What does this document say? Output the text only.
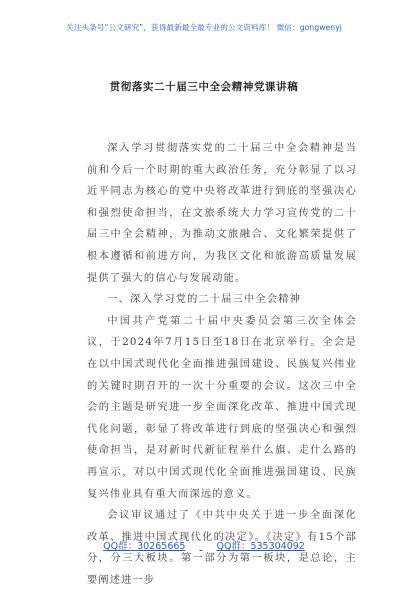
关注头条号“公文研究”，获得最新最全最专业的公文资料库！ 微信：gongwenyj
贯彻落实二十届三中全会精神党课讲稿

深入学习贯彻落实党的二十届三中全会精神是当前和今后一个时期的重大政治任务，充分彰显了以习近平同志为核心的党中央将改革进行到底的坚强决心和强烈使命担当，在文旅系统大力学习宣传党的二十届三中全会精神，为推动文旅融合、文化繁荣提供了根本遵循和前进方向，为我区文化和旅游高质量发展提供了强大的信心与发展动能。

一、深入学习党的二十届三中全会精神

中国共产党第二十届中央委员会第三次全体会议，于2024年7月15日至18日在北京举行。全会是在以中国式现代化全面推进强国建设、民族复兴伟业的关键时期召开的一次十分重要的会议。这次三中全会的主题是研究进一步全面深化改革、推进中国式现代化问题，彰显了将改革进行到底的坚强决心和强烈使命担当，是对新时代新征程举什么旗、走什么路的再宣示，对以中国式现代化全面推进强国建设、民族复兴伟业具有重大而深远的意义。

会议审议通过了《中共中央关于进一步全面深化改革、推进中国式现代化的决定》。《决定》有15个部分，分三大板块。第一部分为第一板块，是总论，主要阐述进一步

QQ群：30265665	QQ群：535304092
